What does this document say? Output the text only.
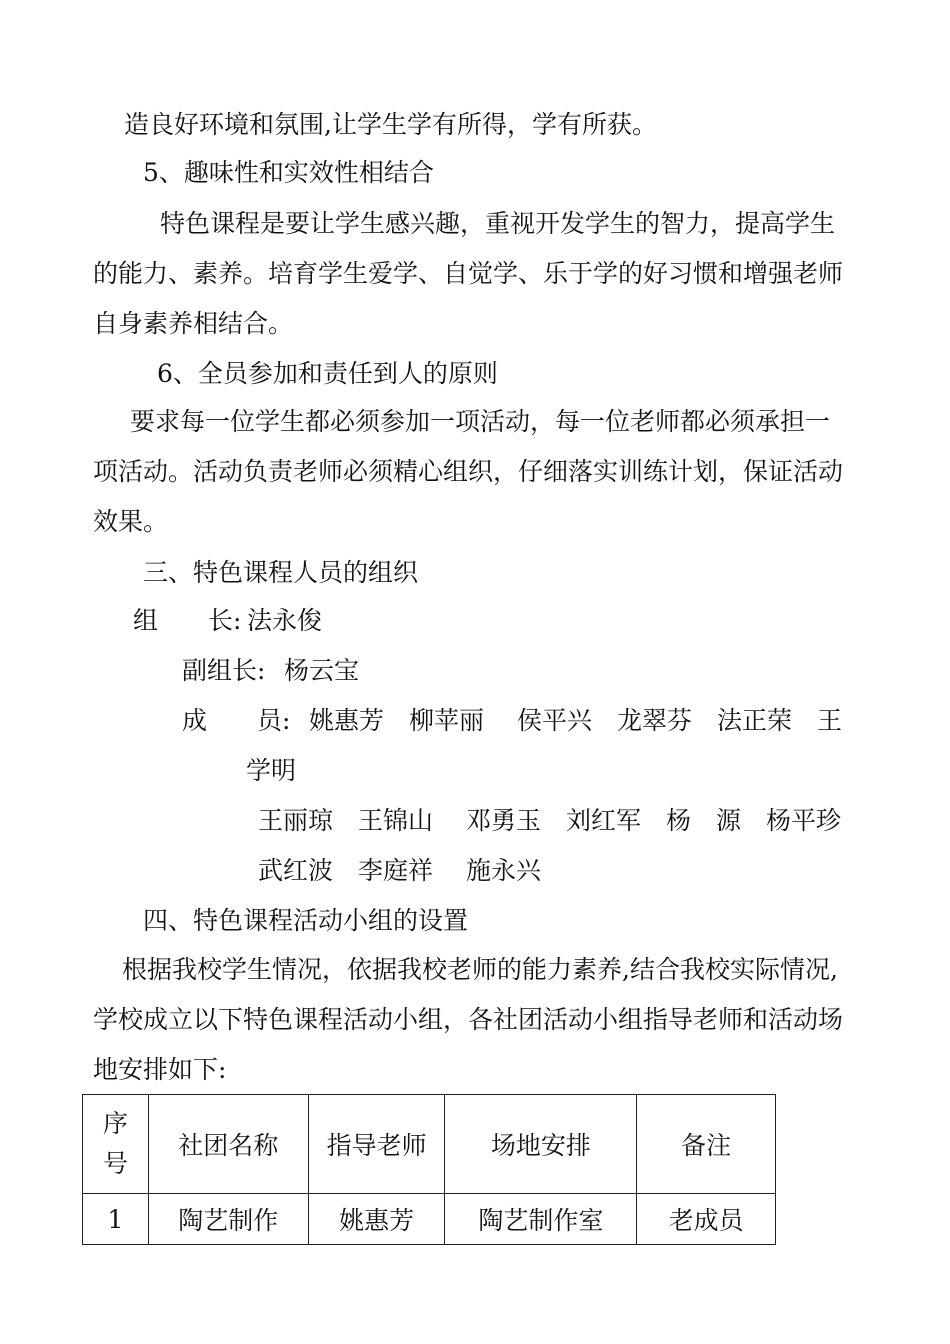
造良好环境和氛围,让学生学有所得，学有所获。
5、趣味性和实效性相结合
特色课程是要让学生感兴趣，重视开发学生的智力，提高学生
的能力、素养。培育学生爱学、自觉学、乐于学的好习惯和增强老师
自身素养相结合。
6、全员参加和责任到人的原则
要求每一位学生都必须参加一项活动，每一位老师都必须承担一
项活动。活动负责老师必须精心组织，仔细落实训练计划，保证活动
效果。
三、特色课程人员的组织
组　　长: 法永俊
副组长: 杨云宝
成　　员: 姚惠芳　柳苹丽　 侯平兴　龙翠芬　法正荣　王
学明
王丽琼　王锦山　 邓勇玉　刘红军　杨　源　杨平珍
武红波　李庭祥　 施永兴
四、特色课程活动小组的设置
根据我校学生情况，依据我校老师的能力素养,结合我校实际情况,
学校成立以下特色课程活动小组，各社团活动小组指导老师和活动场
地安排如下:
序
号	社团名称	指导老师	场地安排	备注
1	陶艺制作	姚惠芳	陶艺制作室	老成员
